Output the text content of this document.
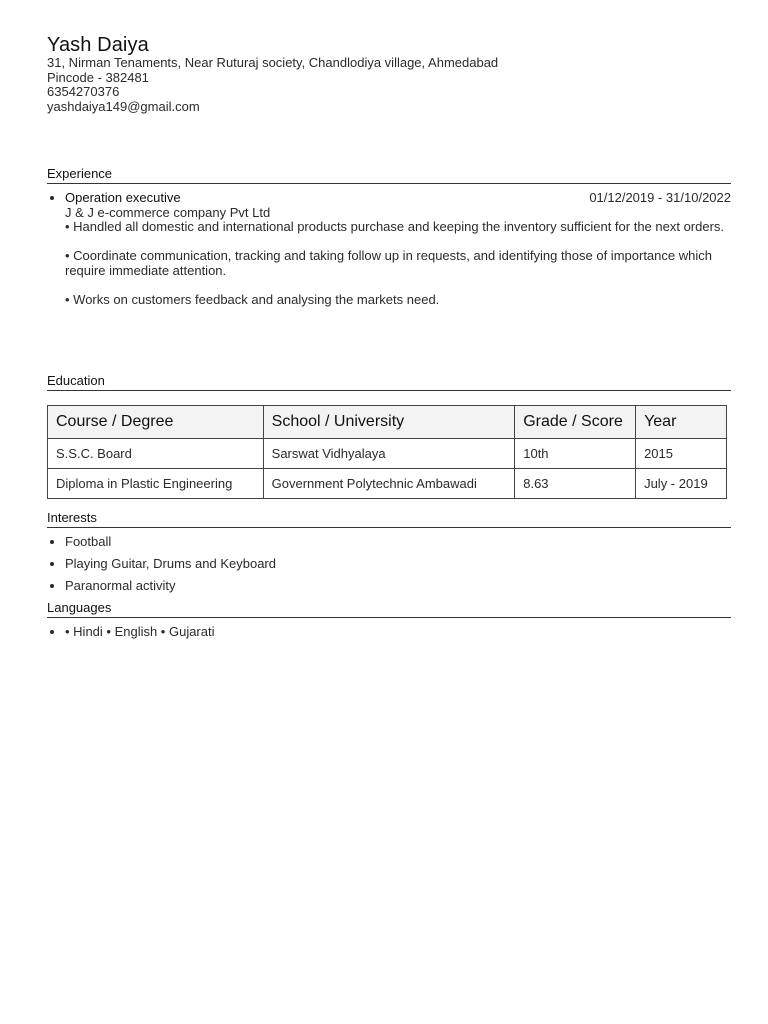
Yash Daiya
31, Nirman Tenaments, Near Ruturaj society, Chandlodiya village, Ahmedabad
Pincode - 382481
6354270376
yashdaiya149@gmail.com
Experience
• Operation executive	01/12/2019 - 31/10/2022
J & J e-commerce company Pvt Ltd
• Handled all domestic and international products purchase and keeping the inventory sufficient for the next orders.
• Coordinate communication, tracking and taking follow up in requests, and identifying those of importance which require immediate attention.
• Works on customers feedback and analysing the markets need.
Education
Course / Degree	School / University	Grade / Score	Year
S.S.C. Board	Sarswat Vidhyalaya	10th	2015
Diploma in Plastic Engineering	Government Polytechnic Ambawadi	8.63	July - 2019
Interests
• Football
• Playing Guitar, Drums and Keyboard
• Paranormal activity
Languages
• • Hindi • English • Gujarati
